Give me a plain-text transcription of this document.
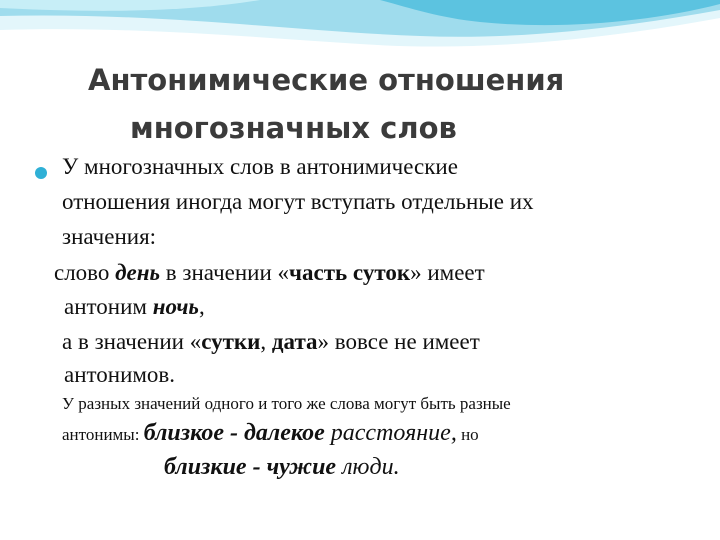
Антонимические отношения
многозначных слов
У многозначных слов в антонимические
отношения иногда могут вступать отдельные их
значения:
слово день в значении «часть суток» имеет
антоним ночь,
а в значении «сутки, дата» вовсе не имеет
антонимов.
У разных значений одного и того же слова могут быть разные
антонимы: близкое - далекое расстояние, но
близкие - чужие люди.
